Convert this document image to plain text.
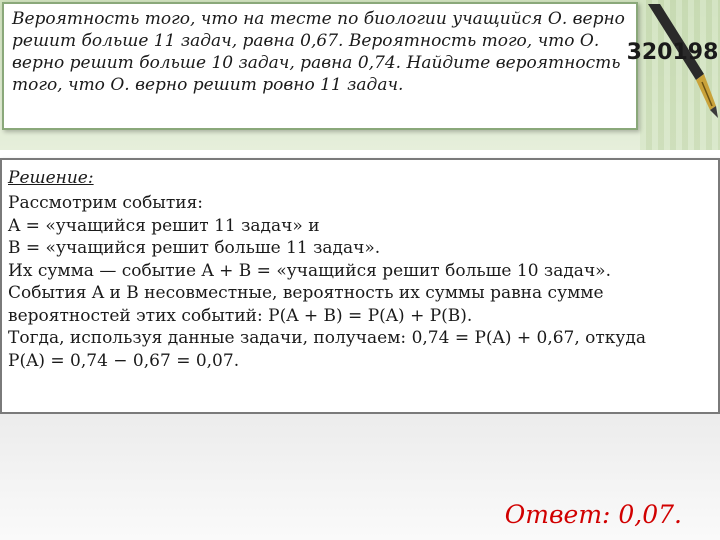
Вероятность того, что на тесте по биологии учащийся О. верно решит больше 11 задач, равна 0,67. Вероятность того, что О. верно решит больше 10 задач, равна 0,74. Найдите вероятность того, что О. верно решит ровно 11 задач.

320198
Решение:
Рассмотрим события:
A = «учащийся решит 11 задач» и
В = «учащийся решит больше 11 задач».
Их сумма — событие A + B = «учащийся решит больше 10 задач».
События A и В несовместные, вероятность их суммы равна сумме
вероятностей этих событий: P(A + B) = P(A) + P(B).
Тогда, используя данные задачи, получаем: 0,74 = P(A) + 0,67, откуда
P(A) = 0,74 − 0,67 = 0,07.
Ответ: 0,07.
